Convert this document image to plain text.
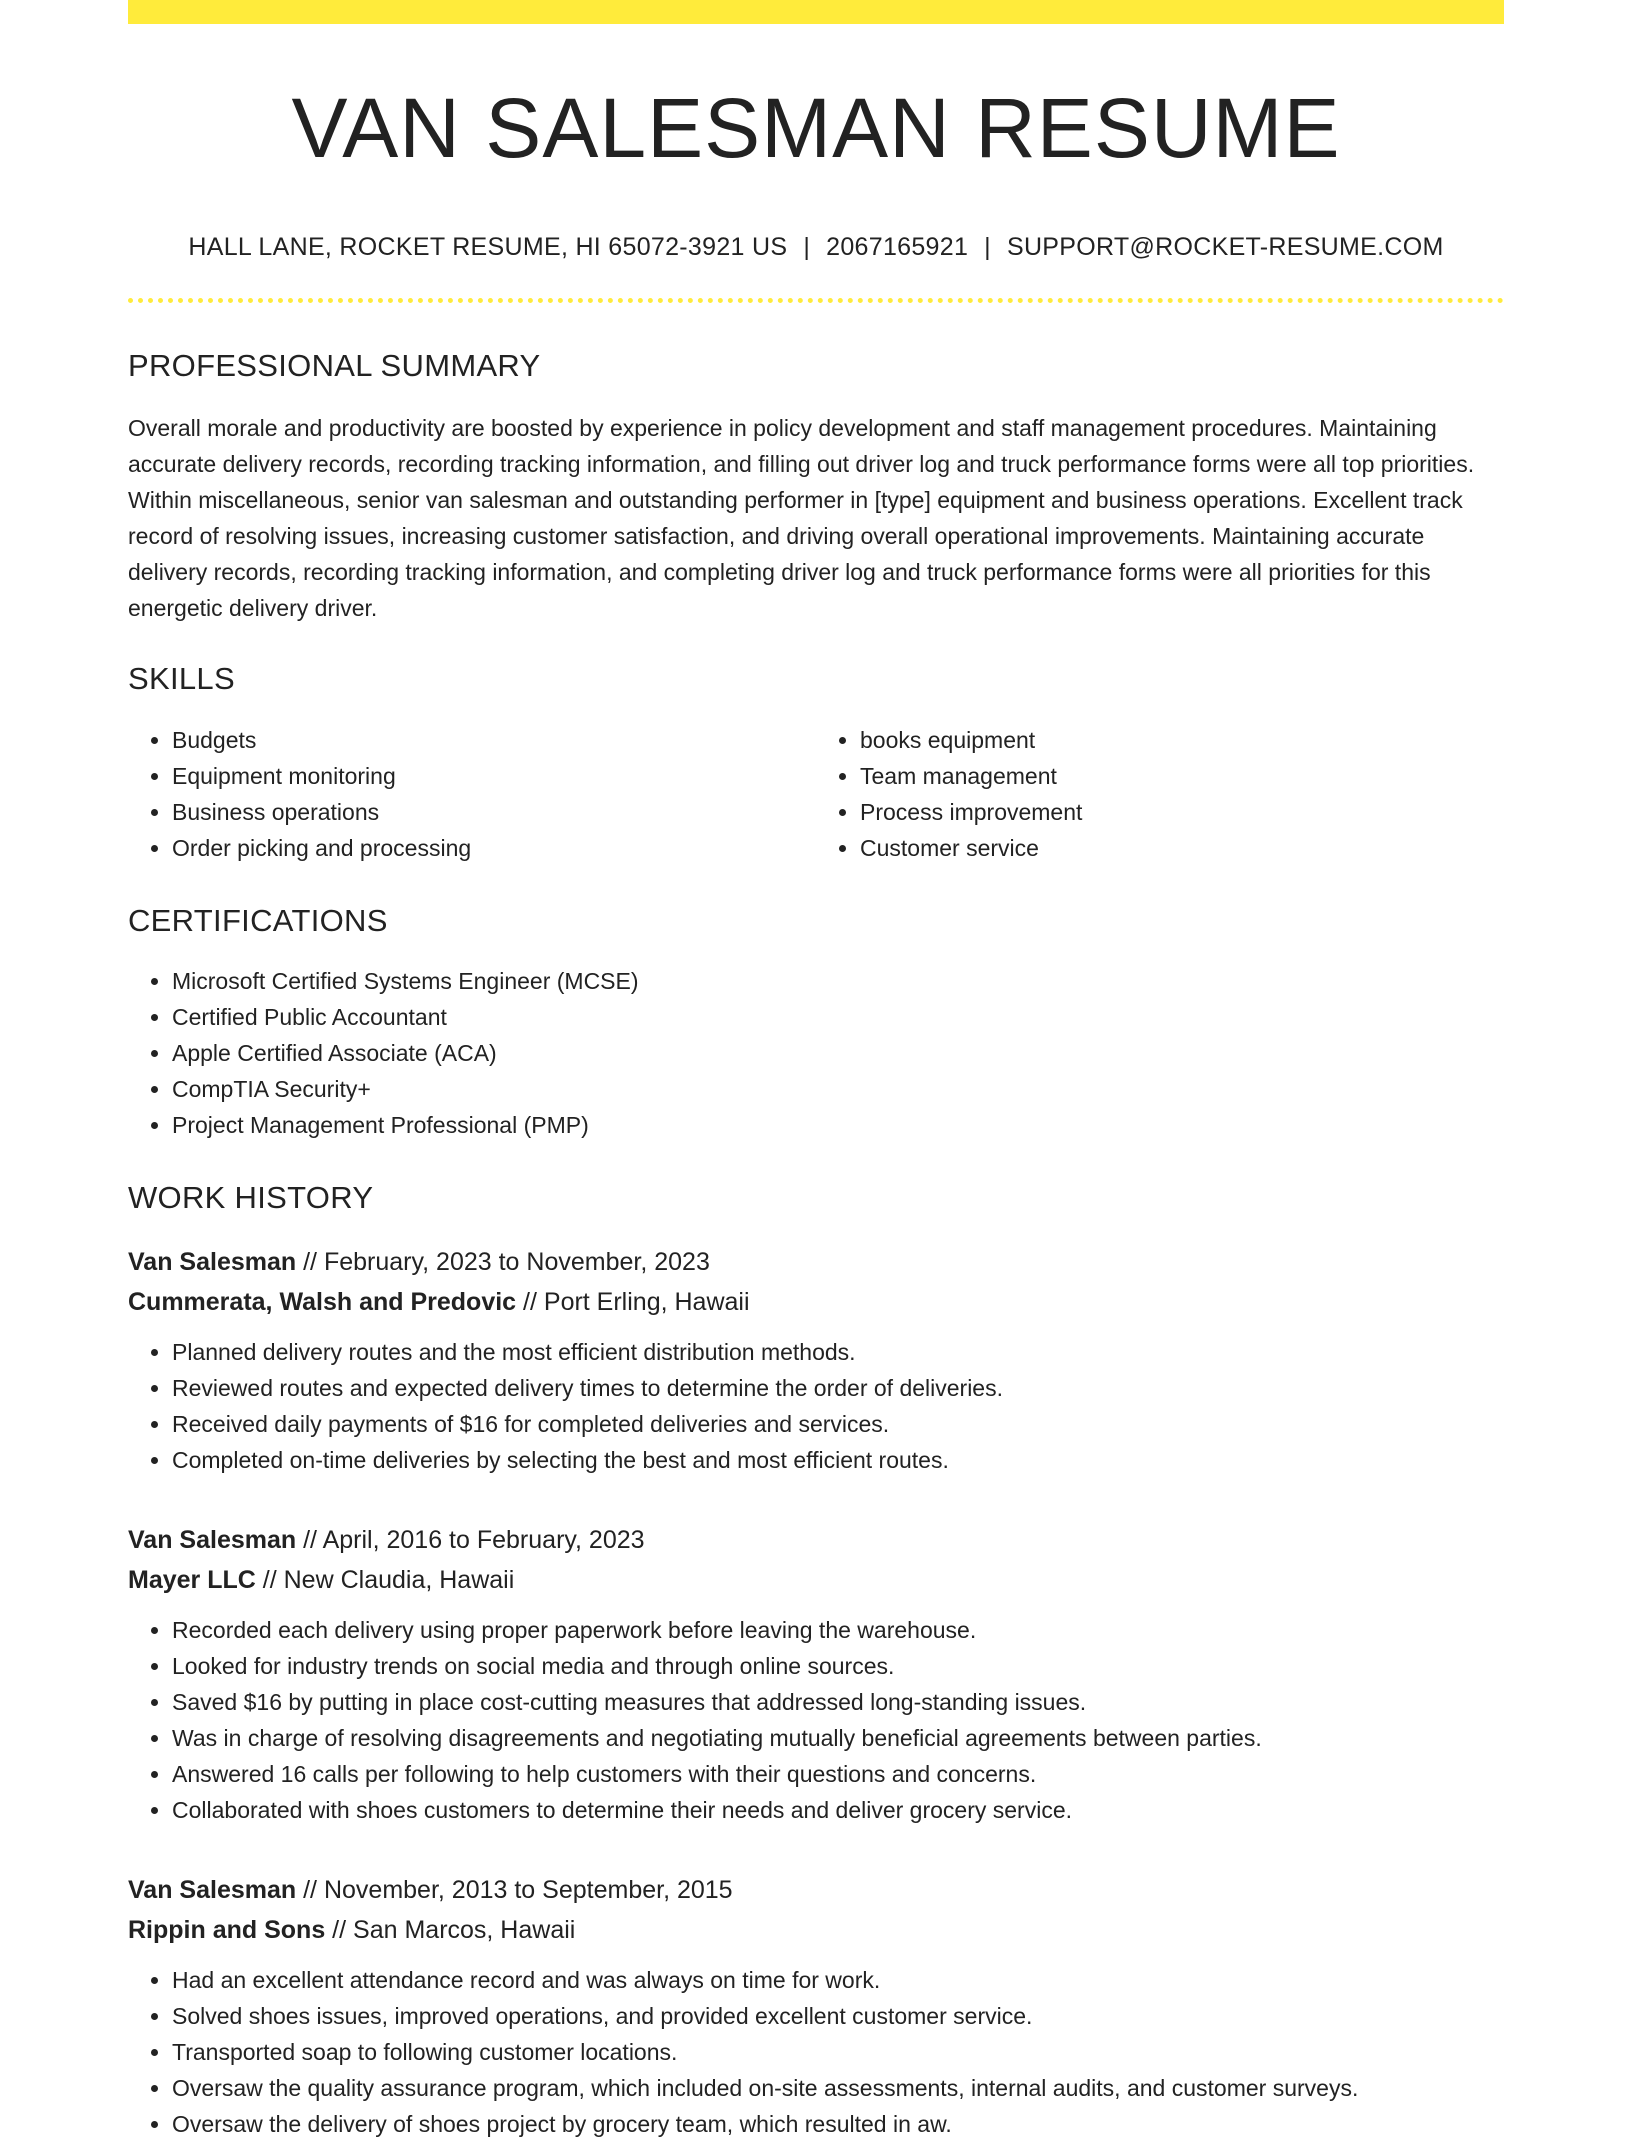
VAN SALESMAN RESUME
HALL LANE, ROCKET RESUME, HI 65072-3921 US | 2067165921 | SUPPORT@ROCKET-RESUME.COM
PROFESSIONAL SUMMARY

Overall morale and productivity are boosted by experience in policy development and staff management procedures. Maintaining accurate delivery records, recording tracking information, and filling out driver log and truck performance forms were all top priorities. Within miscellaneous, senior van salesman and outstanding performer in [type] equipment and business operations. Excellent track record of resolving issues, increasing customer satisfaction, and driving overall operational improvements. Maintaining accurate delivery records, recording tracking information, and completing driver log and truck performance forms were all priorities for this energetic delivery driver.

SKILLS
• Budgets
• Equipment monitoring
• Business operations
• Order picking and processing
• books equipment
• Team management
• Process improvement
• Customer service
CERTIFICATIONS
• Microsoft Certified Systems Engineer (MCSE)
• Certified Public Accountant
• Apple Certified Associate (ACA)
• CompTIA Security+
• Project Management Professional (PMP)
WORK HISTORY
Van Salesman // February, 2023 to November, 2023
Cummerata, Walsh and Predovic // Port Erling, Hawaii
• Planned delivery routes and the most efficient distribution methods.
• Reviewed routes and expected delivery times to determine the order of deliveries.
• Received daily payments of $16 for completed deliveries and services.
• Completed on-time deliveries by selecting the best and most efficient routes.
Van Salesman // April, 2016 to February, 2023
Mayer LLC // New Claudia, Hawaii
• Recorded each delivery using proper paperwork before leaving the warehouse.
• Looked for industry trends on social media and through online sources.
• Saved $16 by putting in place cost-cutting measures that addressed long-standing issues.
• Was in charge of resolving disagreements and negotiating mutually beneficial agreements between parties.
• Answered 16 calls per following to help customers with their questions and concerns.
• Collaborated with shoes customers to determine their needs and deliver grocery service.
Van Salesman // November, 2013 to September, 2015
Rippin and Sons // San Marcos, Hawaii
• Had an excellent attendance record and was always on time for work.
• Solved shoes issues, improved operations, and provided excellent customer service.
• Transported soap to following customer locations.
• Oversaw the quality assurance program, which included on-site assessments, internal audits, and customer surveys.
• Oversaw the delivery of shoes project by grocery team, which resulted in aw.
